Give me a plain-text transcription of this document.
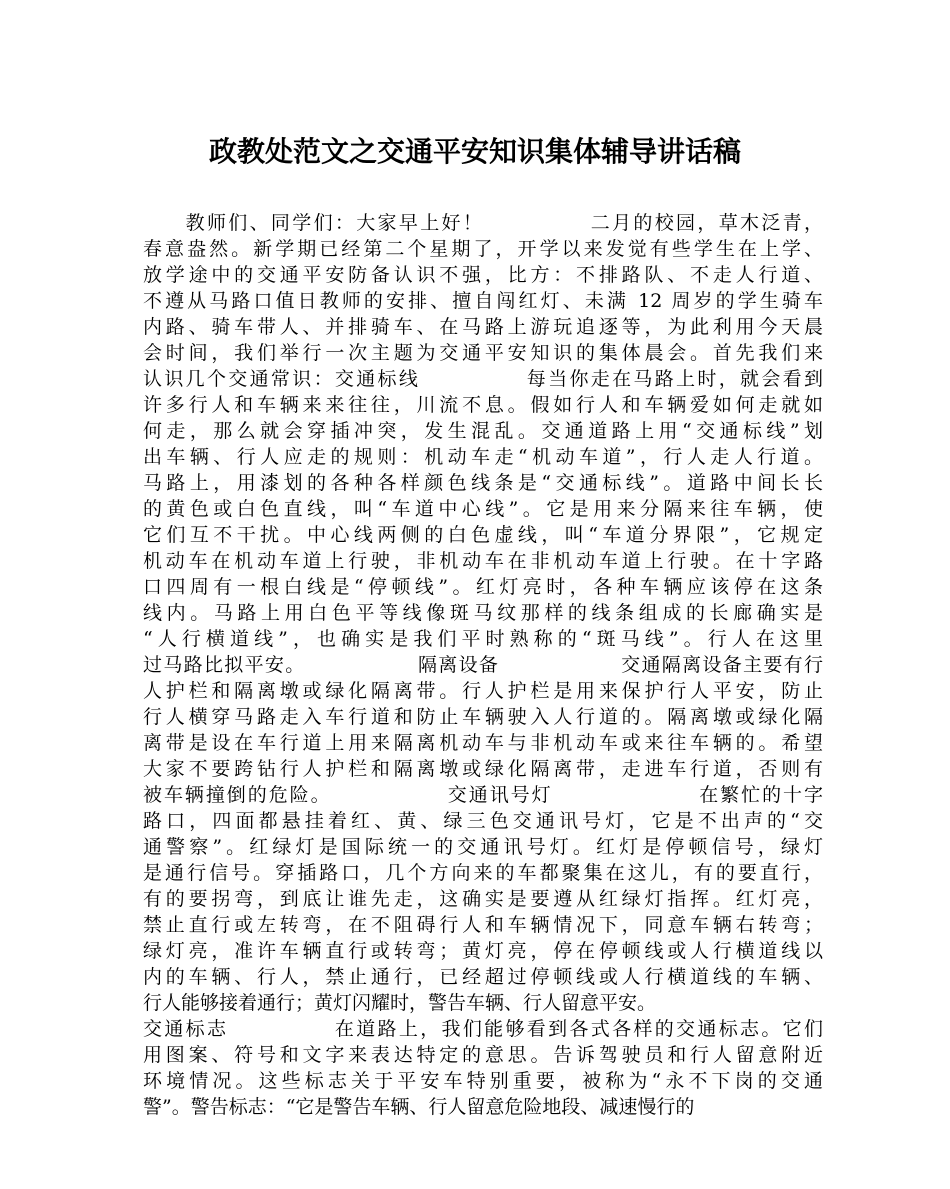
政教处范文之交通平安知识集体辅导讲话稿
　　教师们、同学们：大家早上好！　　　　　二月的校园，草木泛青，
春意盎然。新学期已经第二个星期了，开学以来发觉有些学生在上学、
放学途中的交通平安防备认识不强，比方：不排路队、不走人行道、
不遵从马路口值日教师的安排、擅自闯红灯、未满 12 周岁的学生骑车
内路、骑车带人、并排骑车、在马路上游玩追逐等，为此利用今天晨
会时间，我们举行一次主题为交通平安知识的集体晨会。首先我们来
认识几个交通常识：交通标线　　　　　每当你走在马路上时，就会看到
许多行人和车辆来来往往，川流不息。假如行人和车辆爱如何走就如
何走，那么就会穿插冲突，发生混乱。交通道路上用“交通标线”划
出车辆、行人应走的规则：机动车走“机动车道”，行人走人行道。
马路上，用漆划的各种各样颜色线条是“交通标线”。道路中间长长
的黄色或白色直线，叫“车道中心线”。它是用来分隔来往车辆，使
它们互不干扰。中心线两侧的白色虚线，叫“车道分界限”，它规定
机动车在机动车道上行驶，非机动车在非机动车道上行驶。在十字路
口四周有一根白线是“停顿线”。红灯亮时，各种车辆应该停在这条
线内。马路上用白色平等线像斑马纹那样的线条组成的长廊确实是
“人行横道线”，也确实是我们平时熟称的“斑马线”。行人在这里
过马路比拟平安。　　　　　　隔离设备　　　　　　交通隔离设备主要有行
人护栏和隔离墩或绿化隔离带。行人护栏是用来保护行人平安，防止
行人横穿马路走入车行道和防止车辆驶入人行道的。隔离墩或绿化隔
离带是设在车行道上用来隔离机动车与非机动车或来往车辆的。希望
大家不要跨钻行人护栏和隔离墩或绿化隔离带，走进车行道，否则有
被车辆撞倒的危险。　　　　　　交通讯号灯　　　　　　　在繁忙的十字
路口，四面都悬挂着红、黄、绿三色交通讯号灯，它是不出声的“交
通警察”。红绿灯是国际统一的交通讯号灯。红灯是停顿信号，绿灯
是通行信号。穿插路口，几个方向来的车都聚集在这儿，有的要直行，
有的要拐弯，到底让谁先走，这确实是要遵从红绿灯指挥。红灯亮，
禁止直行或左转弯，在不阻碍行人和车辆情况下，同意车辆右转弯；
绿灯亮，准许车辆直行或转弯；黄灯亮，停在停顿线或人行横道线以
内的车辆、行人，禁止通行，已经超过停顿线或人行横道线的车辆、
行人能够接着通行；黄灯闪耀时，警告车辆、行人留意平安。
交通标志　　　　　在道路上，我们能够看到各式各样的交通标志。它们
用图案、符号和文字来表达特定的意思。告诉驾驶员和行人留意附近
环境情况。这些标志关于平安车特别重要，被称为“永不下岗的交通
警”。警告标志：“它是警告车辆、行人留意危险地段、减速慢行的
